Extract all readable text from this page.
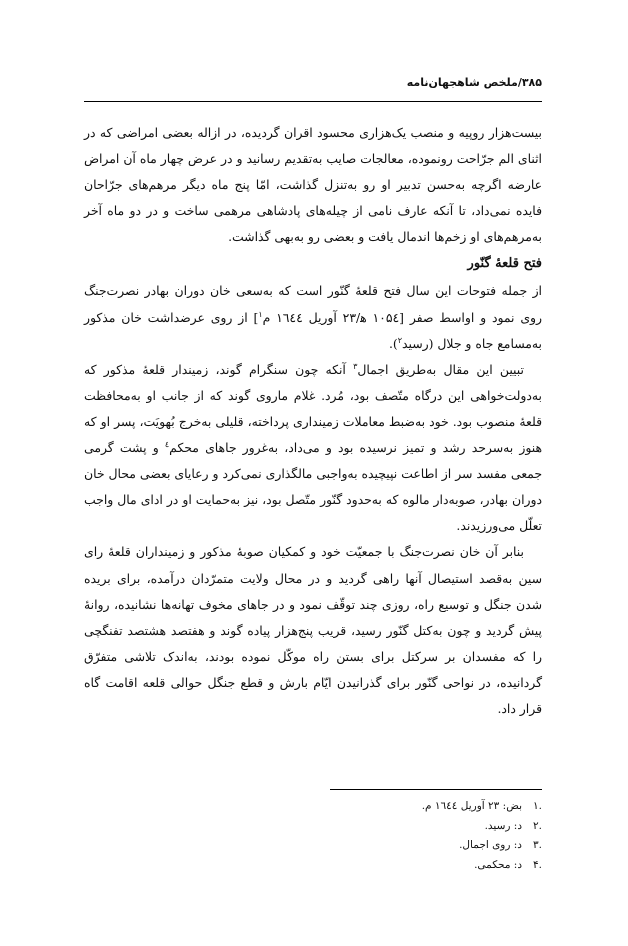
۳۸۵/ملخص شاهجهان‌نامه

بیست‌هزار روپیه و منصب یک‌هزاری محسود اقران گردیده، در ازاله بعضی امراضی که در اثنای الم جرّاحت رونموده، معالجات صایب به‌تقدیم رسانید و در عرض چهار ماه آن امراض عارضه اگرچه به‌حسن تدبیر او رو به‌تنزل گذاشت، امّا پنج ماه دیگر مرهم‌های جرّاحان فایده نمی‌داد، تا آنکه عارف نامی از چیله‌های پادشاهی مرهمی ساخت و در دو ماه آخر به‌مرهم‌های او زخم‌ها اندمال یافت و بعضی رو به‌بهی گذاشت.

فتح قلعهٔ گنّور

از جمله فتوحات این سال فتح قلعهٔ گنّور است که به‌سعی خان دوران بهادر نصرت‌جنگ روی نمود و اواسط صفر [۱۰۵٤ ه‍/۲۳ آوریل ۱٦٤٤ م$^۱$] از روی عرضداشت خان مذکور به‌مسامع جاه و جلال (رسید$^۲$).

تبیین این مقال به‌طریق اجمال$^۳$ آنکه چون سنگرام گوند، زمیندار قلعهٔ مذکور که به‌دولت‌خواهی این درگاه متّصف بود، مُرد. غلام ماروی گوند که از جانب او به‌محافظت قلعهٔ منصوب بود. خود به‌ضبط معاملات زمینداری پرداخته، قلیلی به‌خرج بُهویَت، پسر او که هنوز به‌سرحد رشد و تمیز نرسیده بود و می‌داد، به‌غرور جاهای محکم$^٤$ و پشت گرمی جمعی مفسد سر از اطاعت نپیچیده به‌واجبی مالگذاری نمی‌کرد و رعایای بعضی محال خان دوران بهادر، صوبه‌دار مالوه که به‌حدود گنّور متّصل بود، نیز به‌حمایت او در ادای مال واجب تعلّل می‌ورزیدند.

بنابر آن خان نصرت‌جنگ با جمعیّت خود و کمکیان صوبهٔ مذکور و زمینداران قلعهٔ رای سین به‌قصد استیصال آنها راهی گردید و در محال ولایت متمرّدان درآمده، برای بریده شدن جنگل و توسیع راه، روزی چند توقّف نمود و در جاهای مخوف تهانه‌ها نشانیده، روانهٔ پیش گردید و چون به‌کتل گنّور رسید، قریب پنج‌هزار پیاده گوند و هفتصد هشتصد تفنگچی را که مفسدان بر سرکتل برای بستن راه موکّل نموده بودند، به‌اندک تلاشی متفرّق گردانیده، در نواحی گنّور برای گذرانیدن ایّام بارش و قطع جنگل حوالی قلعه اقامت گاه قرار داد.

.۱
بض: ۲۳ آوریل ۱٦٤٤ م.
.۲
د: رسید.
.۳
د: روی اجمال.
.۴
د: محکمی.
